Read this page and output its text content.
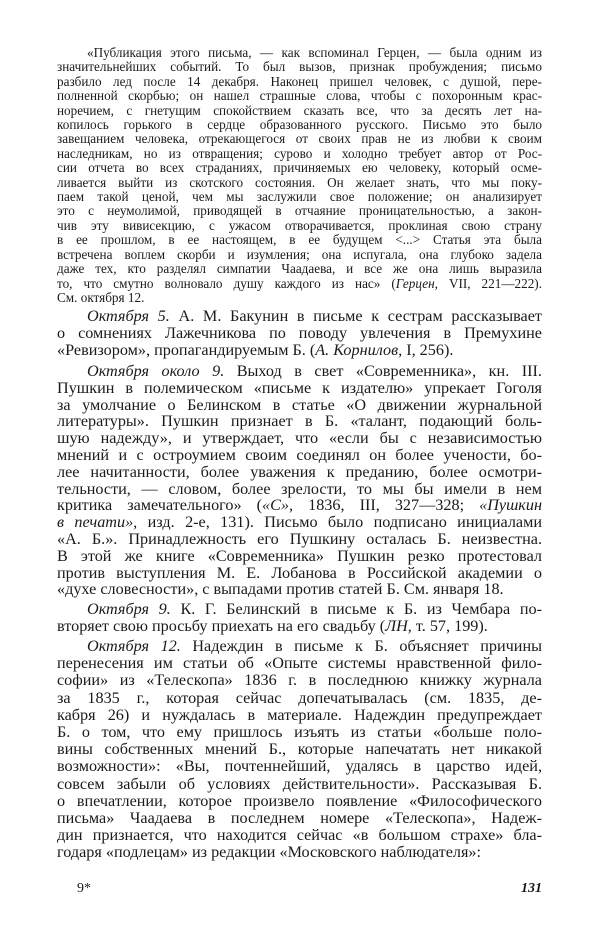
«Публикация этого письма, — как вспоминал Герцен, — была одним из
значительнейших событий. То был вызов, признак пробуждения; письмо
разбило лед после 14 декабря. Наконец пришел человек, с душой, пере-
полненной скорбью; он нашел страшные слова, чтобы с похоронным крас-
норечием, с гнетущим спокойствием сказать все, что за десять лет на-
копилось горького в сердце образованного русского. Письмо это было
завещанием человека, отрекающегося от своих прав не из любви к своим
наследникам, но из отвращения; сурово и холодно требует автор от Рос-
сии отчета во всех страданиях, причиняемых ею человеку, который осме-
ливается выйти из скотского состояния. Он желает знать, что мы поку-
паем такой ценой, чем мы заслужили свое положение; он анализирует
это с неумолимой, приводящей в отчаяние проницательностью, а закон-
чив эту вивисекцию, с ужасом отворачивается, проклиная свою страну
в ее прошлом, в ее настоящем, в ее будущем <...> Статья эта была
встречена воплем скорби и изумления; она испугала, она глубоко задела
даже тех, кто разделял симпатии Чаадаева, и все же она лишь выразила
то, что смутно волновало душу каждого из нас» (Герцен, VII, 221—222).
См. октября 12.
Октября 5. А. М. Бакунин в письме к сестрам рассказывает
о сомнениях Лажечникова по поводу увлечения в Премухине
«Ревизором», пропагандируемым Б. (А. Корнилов, I, 256).
Октября около 9. Выход в свет «Современника», кн. III.
Пушкин в полемическом «письме к издателю» упрекает Гоголя
за умолчание о Белинском в статье «О движении журнальной
литературы». Пушкин признает в Б. «талант, подающий боль-
шую надежду», и утверждает, что «если бы с независимостью
мнений и с остроумием своим соединял он более учености, бо-
лее начитанности, более уважения к преданию, более осмотри-
тельности, — словом, более зрелости, то мы бы имели в нем
критика замечательного» («С», 1836, III, 327—328; «Пушкин
в печати», изд. 2-е, 131). Письмо было подписано инициалами
«А. Б.». Принадлежность его Пушкину осталась Б. неизвестна.
В этой же книге «Современника» Пушкин резко протестовал
против выступления М. Е. Лобанова в Российской академии о
«духе словесности», с выпадами против статей Б. См. января 18.
Октября 9. К. Г. Белинский в письме к Б. из Чембара по-
вторяет свою просьбу приехать на его свадьбу (ЛН, т. 57, 199).
Октября 12. Надеждин в письме к Б. объясняет причины
перенесения им статьи об «Опыте системы нравственной фило-
софии» из «Телескопа» 1836 г. в последнюю книжку журнала
за 1835 г., которая сейчас допечатывалась (см. 1835, де-
кабря 26) и нуждалась в материале. Надеждин предупреждает
Б. о том, что ему пришлось изъять из статьи «больше поло-
вины собственных мнений Б., которые напечатать нет никакой
возможности»: «Вы, почтеннейший, удалясь в царство идей,
совсем забыли об условиях действительности». Рассказывая Б.
о впечатлении, которое произвело появление «Философического
письма» Чаадаева в последнем номере «Телескопа», Надеж-
дин признается, что находится сейчас «в большом страхе» бла-
годаря «подлецам» из редакции «Московского наблюдателя»:
9*	131
